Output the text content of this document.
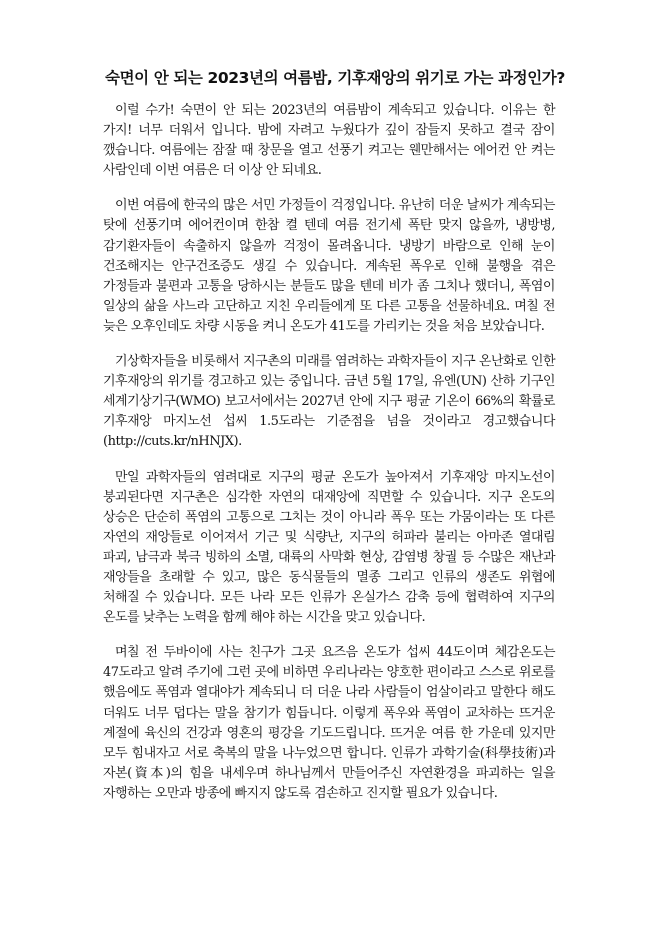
숙면이 안 되는 2023년의 여름밤, 기후재앙의 위기로 가는 과정인가?

이럴 수가! 숙면이 안 되는 2023년의 여름밤이 계속되고 있습니다. 이유는 한 가지! 너무 더워서 입니다. 밤에 자려고 누웠다가 깊이 잠들지 못하고 결국 잠이 깼습니다. 여름에는 잠잘 때 창문을 열고 선풍기 켜고는 웬만해서는 에어컨 안 켜는 사람인데 이번 여름은 더 이상 안 되네요.

이번 여름에 한국의 많은 서민 가정들이 걱정입니다. 유난히 더운 날씨가 계속되는 탓에 선풍기며 에어컨이며 한참 켤 텐데 여름 전기세 폭탄 맞지 않을까, 냉방병, 감기환자들이 속출하지 않을까 걱정이 몰려옵니다. 냉방기 바람으로 인해 눈이 건조해지는 안구건조증도 생길 수 있습니다. 계속된 폭우로 인해 불행을 겪은 가정들과 불편과 고통을 당하시는 분들도 많을 텐데 비가 좀 그치나 했더니, 폭염이 일상의 삶을 사느라 고단하고 지친 우리들에게 또 다른 고통을 선물하네요. 며칠 전 늦은 오후인데도 차량 시동을 켜니 온도가 41도를 가리키는 것을 처음 보았습니다.

기상학자들을 비롯해서 지구촌의 미래를 염려하는 과학자들이 지구 온난화로 인한 기후재앙의 위기를 경고하고 있는 중입니다. 금년 5월 17일, 유엔(UN) 산하 기구인 세계기상기구(WMO) 보고서에서는 2027년 안에 지구 평균 기온이 66%의 확률로 기후재앙 마지노선 섭씨 1.5도라는 기준점을 넘을 것이라고 경고했습니다(http://cuts.kr/nHNJX).

만일 과학자들의 염려대로 지구의 평균 온도가 높아져서 기후재앙 마지노선이 붕괴된다면 지구촌은 심각한 자연의 대재앙에 직면할 수 있습니다. 지구 온도의 상승은 단순히 폭염의 고통으로 그치는 것이 아니라 폭우 또는 가뭄이라는 또 다른 자연의 재앙들로 이어져서 기근 및 식량난, 지구의 허파라 불리는 아마존 열대림 파괴, 남극과 북극 빙하의 소멸, 대륙의 사막화 현상, 감염병 창궐 등 수많은 재난과 재앙들을 초래할 수 있고, 많은 동식물들의 멸종 그리고 인류의 생존도 위협에 처해질 수 있습니다. 모든 나라 모든 인류가 온실가스 감축 등에 협력하여 지구의 온도를 낮추는 노력을 함께 해야 하는 시간을 맞고 있습니다.

며칠 전 두바이에 사는 친구가 그곳 요즈음 온도가 섭씨 44도이며 체감온도는 47도라고 알려 주기에 그런 곳에 비하면 우리나라는 양호한 편이라고 스스로 위로를 했음에도 폭염과 열대야가 계속되니 더 더운 나라 사람들이 엄살이라고 말한다 해도 더워도 너무 덥다는 말을 참기가 힘듭니다. 이렇게 폭우와 폭염이 교차하는 뜨거운 계절에 육신의 건강과 영혼의 평강을 기도드립니다. 뜨거운 여름 한 가운데 있지만 모두 힘내자고 서로 축복의 말을 나누었으면 합니다. 인류가 과학기술(科學技術)과 자본(資本)의 힘을 내세우며 하나님께서 만들어주신 자연환경을 파괴하는 일을 자행하는 오만과 방종에 빠지지 않도록 겸손하고 진지할 필요가 있습니다.
